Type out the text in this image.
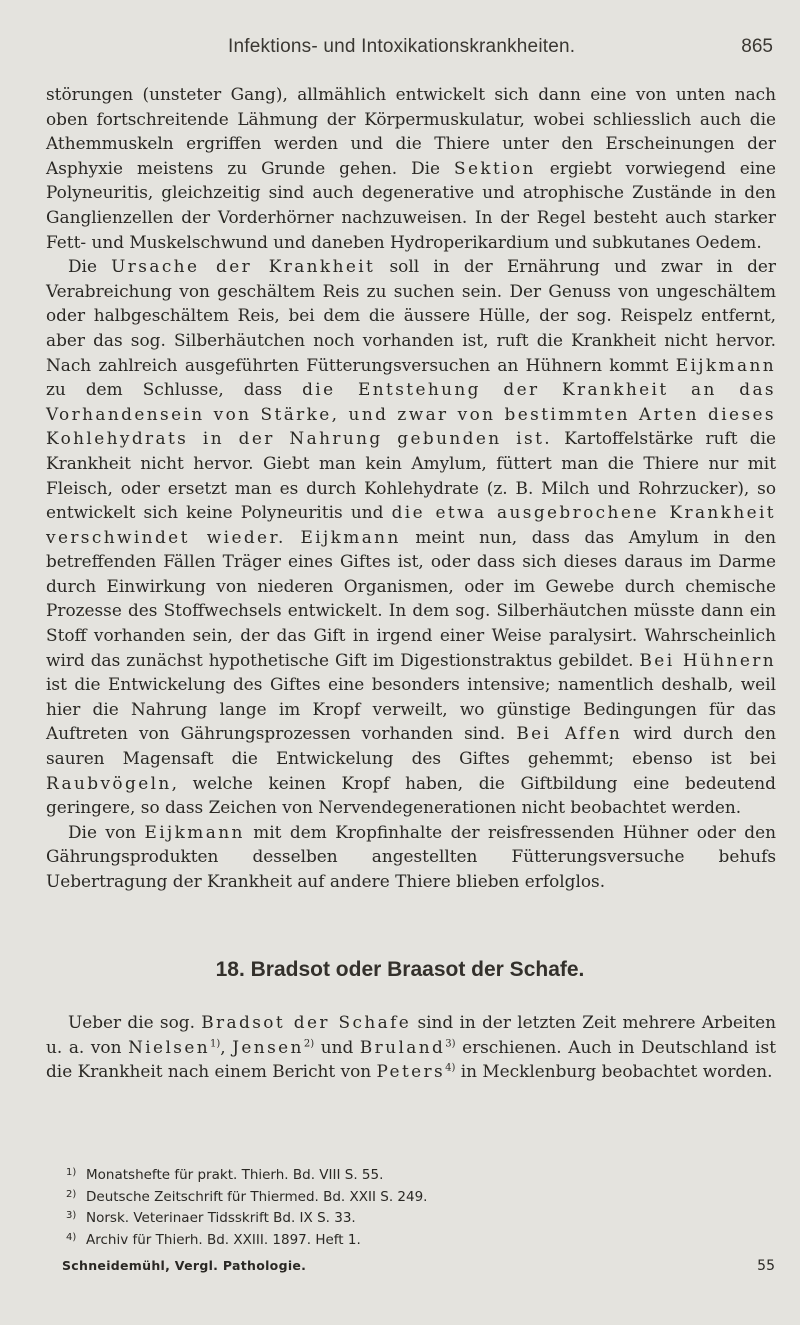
Infektions- und Intoxikationskrankheiten.	865

störungen (unsteter Gang), allmählich entwickelt sich dann eine von unten nach oben fortschreitende Lähmung der Körpermuskulatur, wobei schliesslich auch die Athemmuskeln ergriffen werden und die Thiere unter den Erscheinungen der Asphyxie meistens zu Grunde gehen. Die Sektion ergiebt vorwiegend eine Polyneuritis, gleichzeitig sind auch degenerative und atrophische Zustände in den Ganglienzellen der Vorderhörner nachzuweisen. In der Regel besteht auch starker Fett- und Muskelschwund und daneben Hydroperikardium und subkutanes Oedem.

Die Ursache der Krankheit soll in der Ernährung und zwar in der Verabreichung von geschältem Reis zu suchen sein. Der Genuss von ungeschältem oder halbgeschältem Reis, bei dem die äussere Hülle, der sog. Reispelz entfernt, aber das sog. Silberhäutchen noch vorhanden ist, ruft die Krankheit nicht hervor. Nach zahlreich ausgeführten Fütterungsversuchen an Hühnern kommt Eijkmann zu dem Schlusse, dass die Entstehung der Krankheit an das Vorhandensein von Stärke, und zwar von bestimmten Arten dieses Kohlehydrats in der Nahrung gebunden ist. Kartoffelstärke ruft die Krankheit nicht hervor. Giebt man kein Amylum, füttert man die Thiere nur mit Fleisch, oder ersetzt man es durch Kohlehydrate (z. B. Milch und Rohrzucker), so entwickelt sich keine Polyneuritis und die etwa ausgebrochene Krankheit verschwindet wieder. Eijkmann meint nun, dass das Amylum in den betreffenden Fällen Träger eines Giftes ist, oder dass sich dieses daraus im Darme durch Einwirkung von niederen Organismen, oder im Gewebe durch chemische Prozesse des Stoffwechsels entwickelt. In dem sog. Silberhäutchen müsste dann ein Stoff vorhanden sein, der das Gift in irgend einer Weise paralysirt. Wahrscheinlich wird das zunächst hypothetische Gift im Digestionstraktus gebildet. Bei Hühnern ist die Entwickelung des Giftes eine besonders intensive; namentlich deshalb, weil hier die Nahrung lange im Kropf verweilt, wo günstige Bedingungen für das Auftreten von Gährungsprozessen vorhanden sind. Bei Affen wird durch den sauren Magensaft die Entwickelung des Giftes gehemmt; ebenso ist bei Raubvögeln, welche keinen Kropf haben, die Giftbildung eine bedeutend geringere, so dass Zeichen von Nervendegenerationen nicht beobachtet werden.

Die von Eijkmann mit dem Kropfinhalte der reisfressenden Hühner oder den Gährungsprodukten desselben angestellten Fütterungsversuche behufs Uebertragung der Krankheit auf andere Thiere blieben erfolglos.

18. Bradsot oder Braasot der Schafe.

Ueber die sog. Bradsot der Schafe sind in der letzten Zeit mehrere Arbeiten u. a. von Nielsen$^{1)}$, Jensen$^{2)}$ und Bruland$^{3)}$ erschienen. Auch in Deutschland ist die Krankheit nach einem Bericht von Peters$^{4)}$ in Mecklenburg beobachtet worden.

1) Monatshefte für prakt. Thierh. Bd. VIII S. 55.
2) Deutsche Zeitschrift für Thiermed. Bd. XXII S. 249.
3) Norsk. Veterinaer Tidsskrift Bd. IX S. 33.
4) Archiv für Thierh. Bd. XXIII. 1897. Heft 1.
Schneidemühl, Vergl. Pathologie.	55
